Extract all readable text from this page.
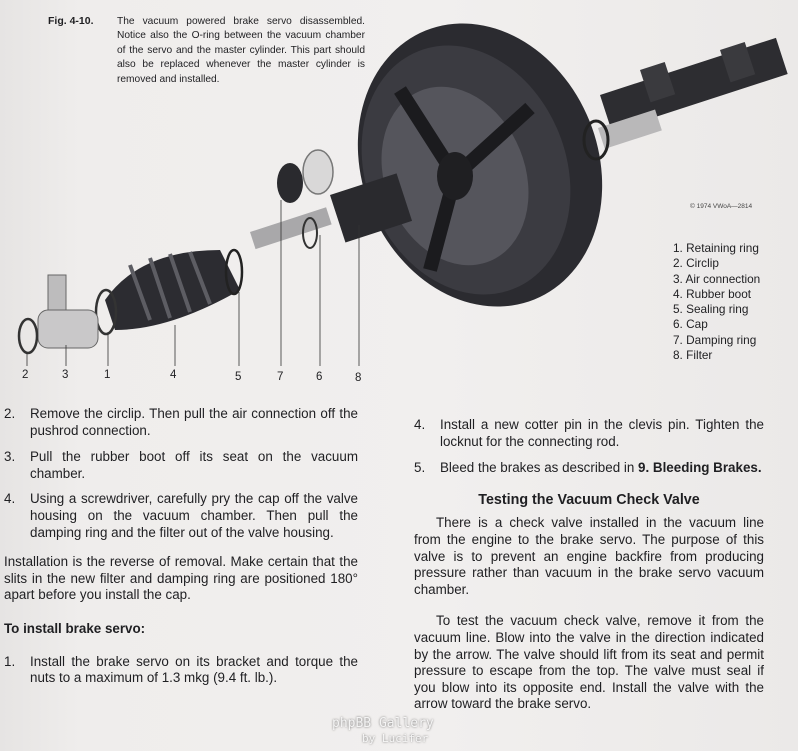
Fig. 4-10. The vacuum powered brake servo disassembled. Notice also the O-ring between the vacuum chamber of the servo and the master cylinder. This part should also be replaced whenever the master cylinder is removed and installed.
© 1974 VWoA—2814
2	3	1	4	5	7	6	8
1. Retaining ring
2. Circlip
3. Air connection
4. Rubber boot
5. Sealing ring
6. Cap
7. Damping ring
8. Filter

2. Remove the circlip. Then pull the air connection off the pushrod connection.

3. Pull the rubber boot off its seat on the vacuum chamber.

4. Using a screwdriver, carefully pry the cap off the valve housing on the vacuum chamber. Then pull the damping ring and the filter out of the valve housing.

Installation is the reverse of removal. Make certain that the slits in the new filter and damping ring are positioned 180° apart before you install the cap.

To install brake servo:

1. Install the brake servo on its bracket and torque the nuts to a maximum of 1.3 mkg (9.4 ft. lb.).

4. Install a new cotter pin in the clevis pin. Tighten the locknut for the connecting rod.

5. Bleed the brakes as described in 9. Bleeding Brakes.

Testing the Vacuum Check Valve

There is a check valve installed in the vacuum line from the engine to the brake servo. The purpose of this valve is to prevent an engine backfire from producing pressure rather than vacuum in the brake servo vacuum chamber.

To test the vacuum check valve, remove it from the vacuum line. Blow into the valve in the direction indicated by the arrow. The valve should lift from its seat and permit pressure to escape from the top. The valve must seal if you blow into its opposite end. Install the valve with the arrow toward the brake servo.

phpBB Gallery
by Lucifer
